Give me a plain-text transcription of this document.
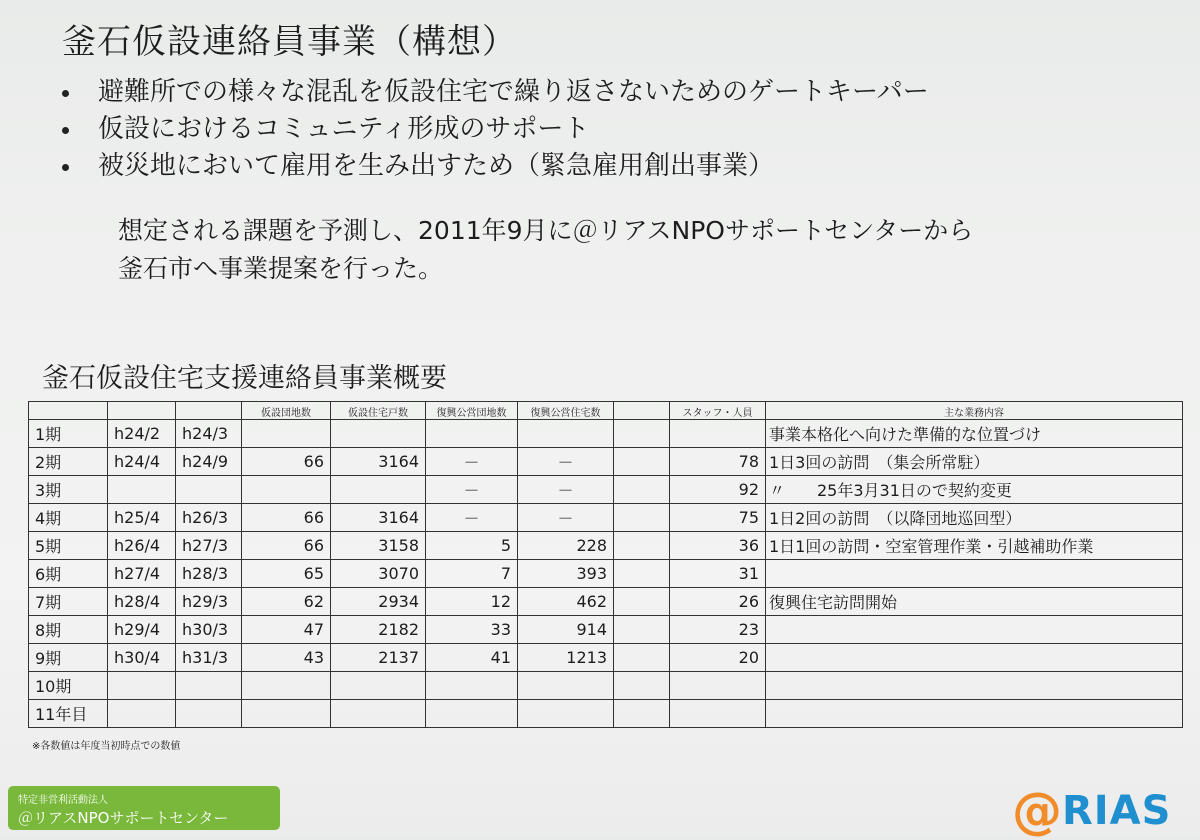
釜石仮設連絡員事業（構想）
避難所での様々な混乱を仮設住宅で繰り返さないためのゲートキーパー
仮設におけるコミュニティ形成のサポート
被災地において雇用を生み出すため（緊急雇用創出事業）
想定される課題を予測し、2011年9月に＠リアスNPOサポートセンターから
釜石市へ事業提案を行った。
釜石仮設住宅支援連絡員事業概要
			仮設団地数	仮設住宅戸数	復興公営団地数	復興公営住宅数		スタッフ・人員	主な業務内容
1期	h24/2	h24/3							事業本格化へ向けた準備的な位置づけ
2期	h24/4	h24/9	66	3164	－	－		78	1日3回の訪問　（集会所常駐）
3期					－	－		92	〃　　25年3月31日ので契約変更
4期	h25/4	h26/3	66	3164	－	－		75	1日2回の訪問　（以降団地巡回型）
5期	h26/4	h27/3	66	3158	5	228		36	1日1回の訪問・空室管理作業・引越補助作業
6期	h27/4	h28/3	65	3070	7	393		31	
7期	h28/4	h29/3	62	2934	12	462		26	復興住宅訪問開始
8期	h29/4	h30/3	47	2182	33	914		23	
9期	h30/4	h31/3	43	2137	41	1213		20	
10期									
11年目									

※各数値は年度当初時点での数値

特定非営利活動法人
＠リアスNPOサポートセンター	@ RIAS
